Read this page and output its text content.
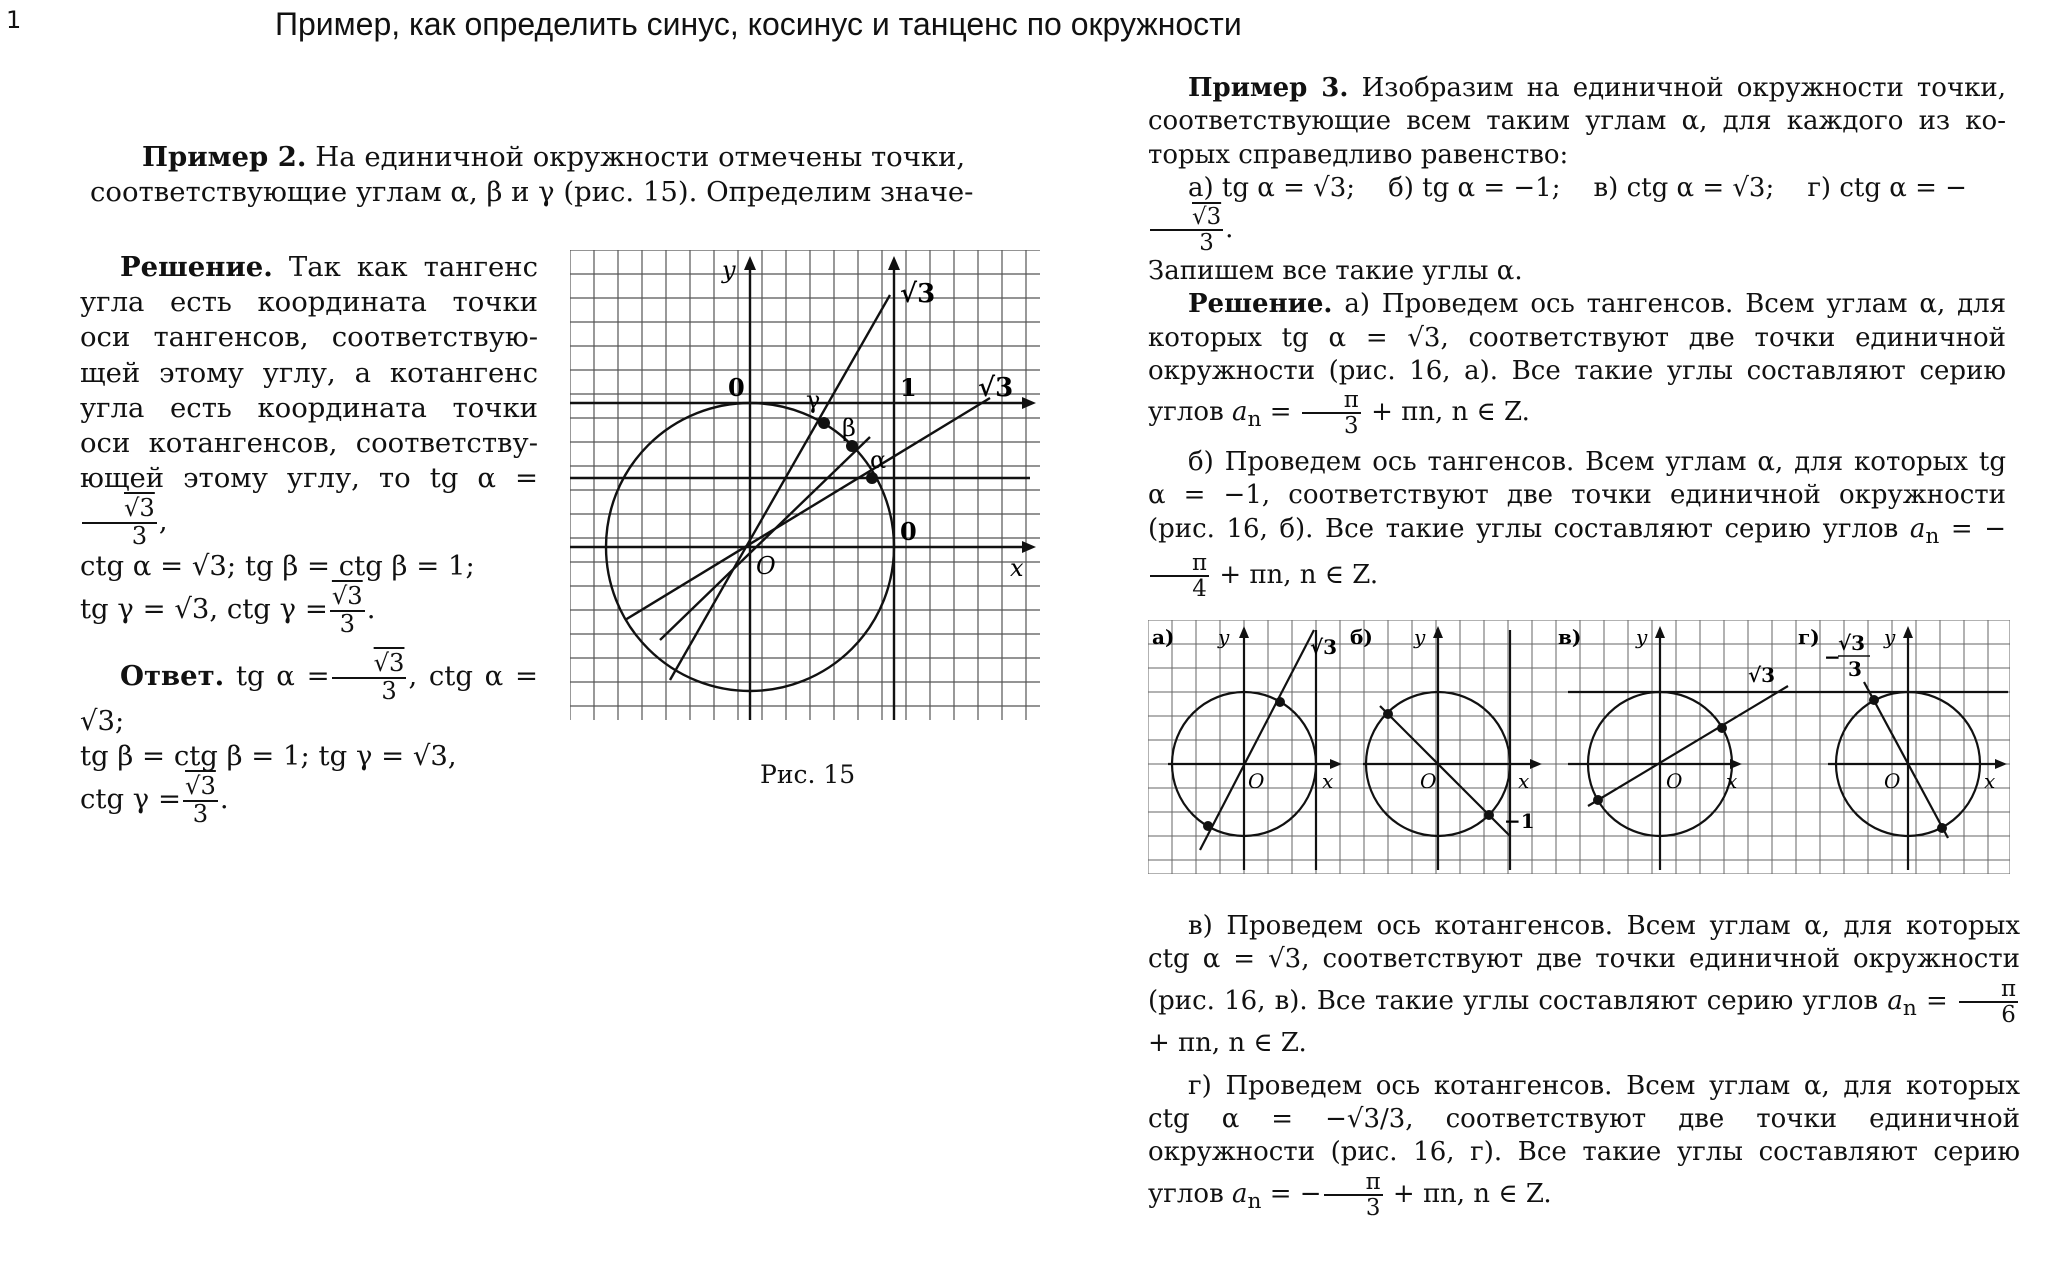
1	Пример, как определить синус, косинус и танценс по окружности

Пример 2. На единичной окружности отмечены точки, соответствующие углам α, β и γ (рис. 15). Определим значе-

Решение. Так как тангенс угла есть координата точки оси тангенсов, соответствующей этому углу, а котангенс угла есть координата точки оси котангенсов, соответствующей этому углу, то tg α =
$\frac{√3}{3}$ ,

ctg α = √3; tg β = ctg β = 1;

tg γ = √3, ctg $\gamma = \frac{√3}{3}$ .

Ответ. tg $\alpha = \frac{√3}{3}$ , ctg α = √3;

tg β = ctg β = 1; tg γ = √3,

ctg $\gamma = \frac{√3}{3}$ .

y
x
O
0
0
1
√3
√3
α
β
γ
Рис. 15

Пример 3. Изобразим на единичной окружности точки, соответствующие всем таким углам α, для каждого из которых справедливо равенство:

а) tg α = √3; б) tg α = −1; в) ctg α = √3; г) ctg α = −
$\frac{√3}{3}$ .

Запишем все такие углы α.

Решение. а) Проведем ось тангенсов. Всем углам α, для которых tg α = √3, соответствуют две точки единичной окружности (рис. 16, а). Все такие углы составляют серию углов $a_n = \frac{\pi}{3} + \pi n$, n ∈ Z.

б) Проведем ось тангенсов. Всем углам α, для которых tg α = −1, соответствуют две точки единичной окружности (рис. 16, б). Все такие углы составляют серию углов $a_n$ = −
$\frac{\pi}{4} + \pi n$, n ∈ Z.

а)	б)	в)	г)
y	y	y	y
x	x	x	x
O	O	O	O
√3
√3
−1
−
√3
3

в) Проведем ось котангенсов. Всем углам α, для которых ctg α = √3, соответствуют две точки единичной окружности (рис. 16, в). Все такие углы составляют серию углов $a_n = \frac{\pi}{6}$
+ πn, n ∈ Z.

г) Проведем ось котангенсов. Всем углам α, для которых ctg α = −√3/3, соответствуют две точки единичной окружности (рис. 16, г). Все такие углы составляют серию углов $a_n$ = − $\frac{\pi}{3} + \pi n$, n ∈ Z.
